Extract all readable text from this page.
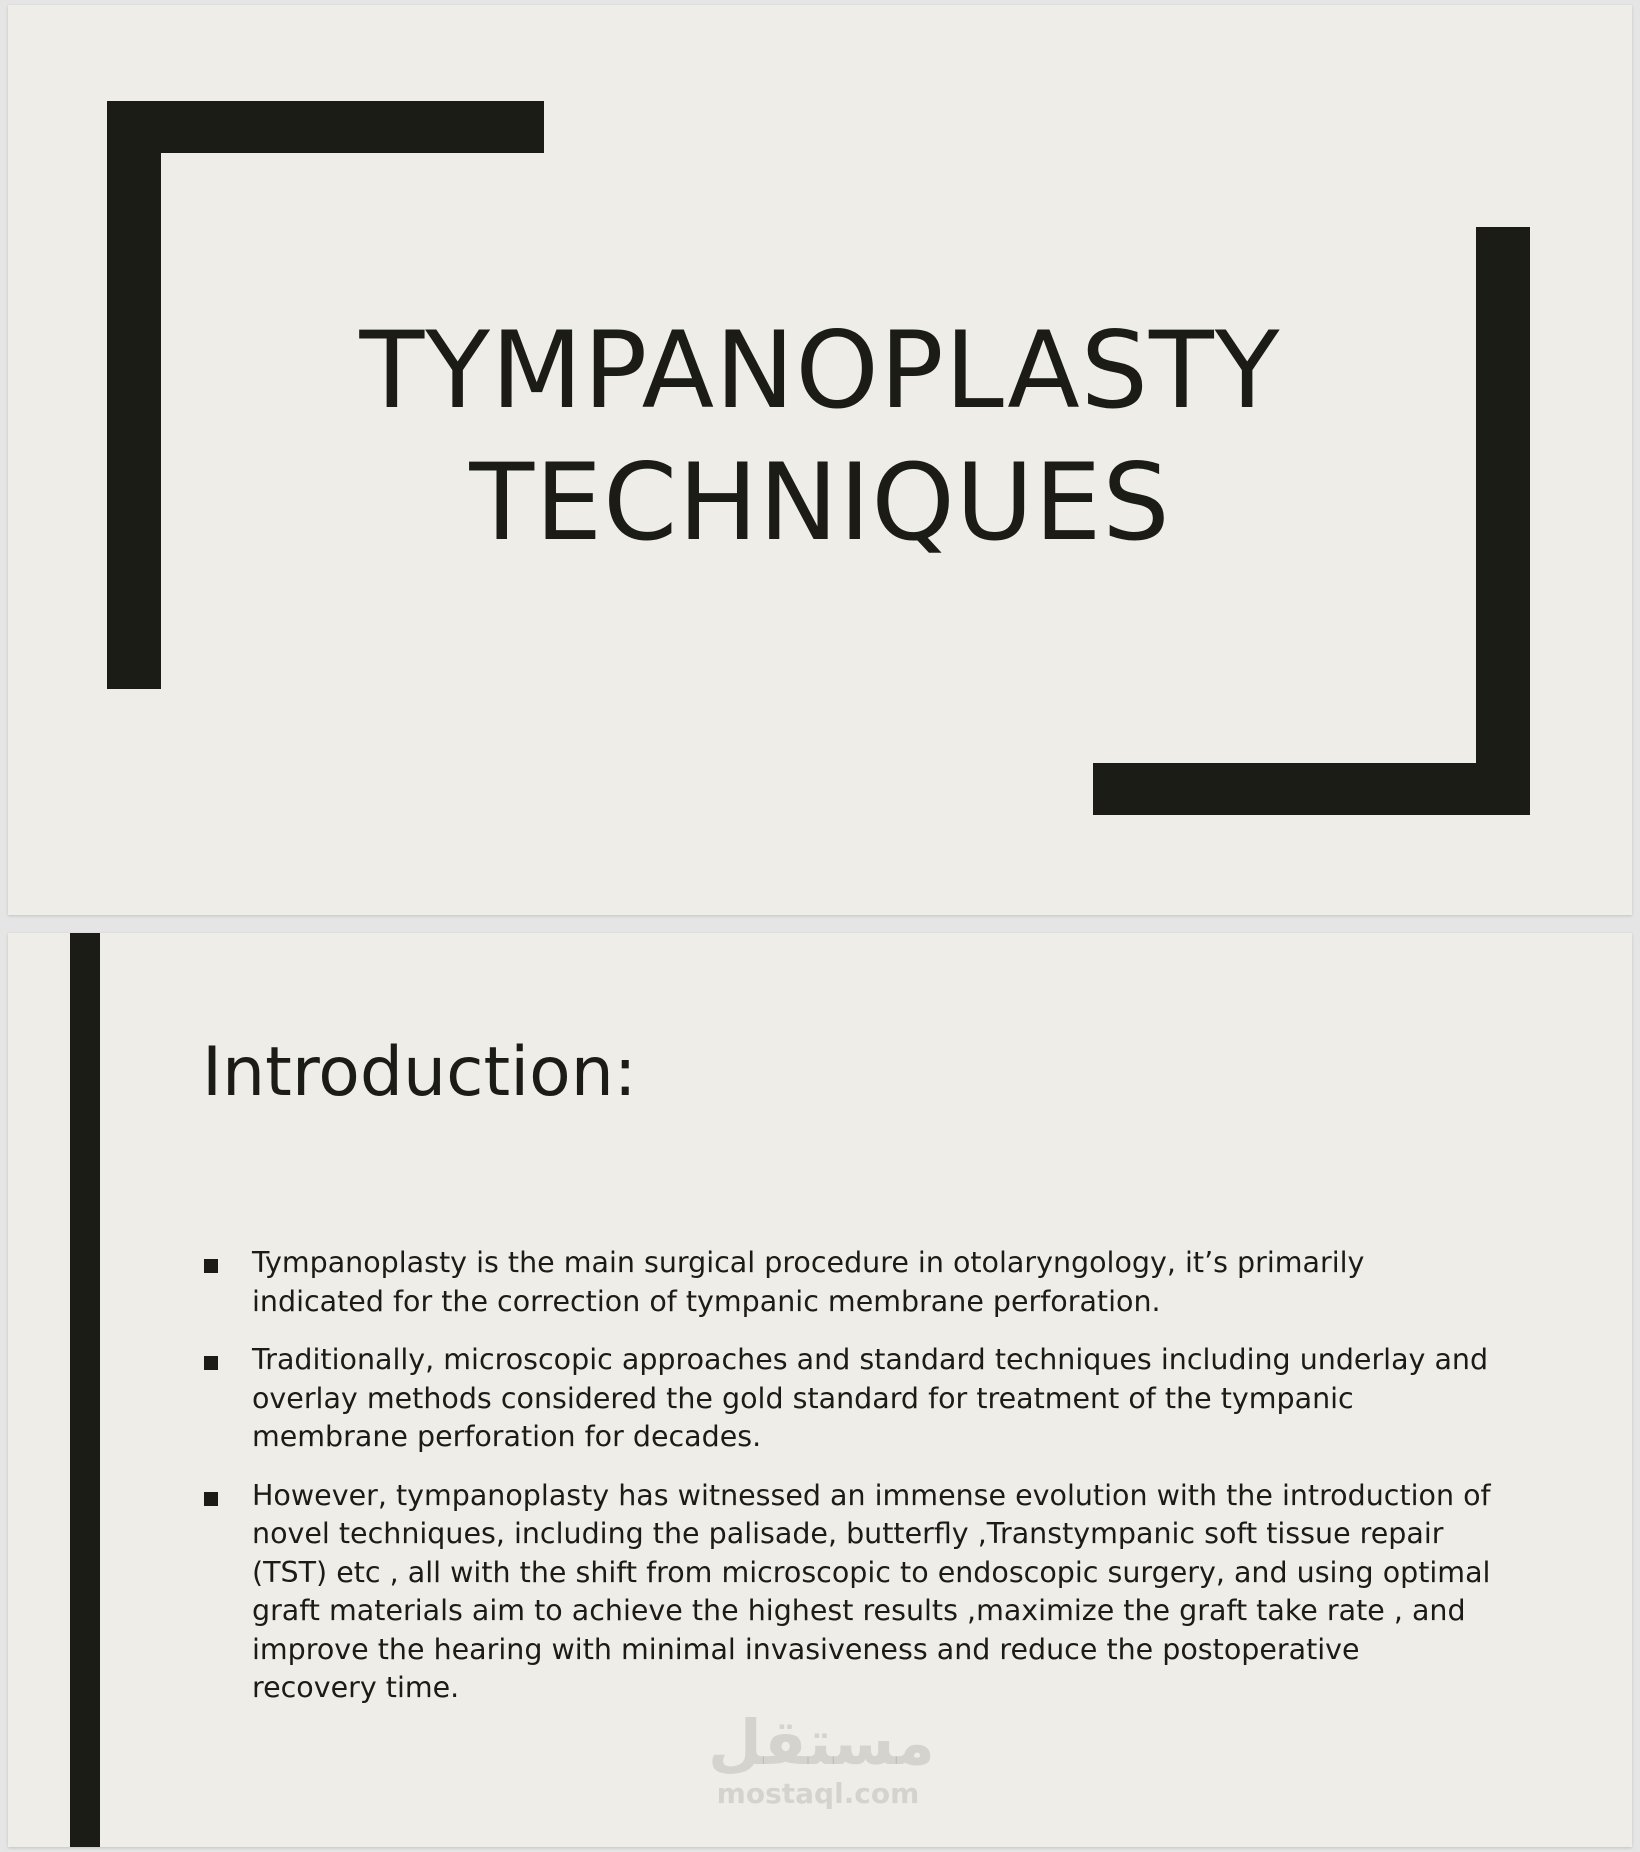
TYMPANOPLASTY
TECHNIQUES
Introduction:
Tympanoplasty is the main surgical procedure in otolaryngology, it’s primarily indicated for the correction of tympanic membrane perforation.
Traditionally, microscopic approaches and standard techniques including underlay and overlay methods considered the gold standard for treatment of the tympanic membrane perforation for decades.
However, tympanoplasty has witnessed an immense evolution with the introduction of novel techniques, including the palisade, butterfly ,Transtympanic soft tissue repair (TST) etc , all with the shift from microscopic to endoscopic surgery, and using optimal graft materials aim to achieve the highest results ,maximize the graft take rate , and improve the hearing with minimal invasiveness and reduce the postoperative recovery time.
مستقل
mostaql.com
